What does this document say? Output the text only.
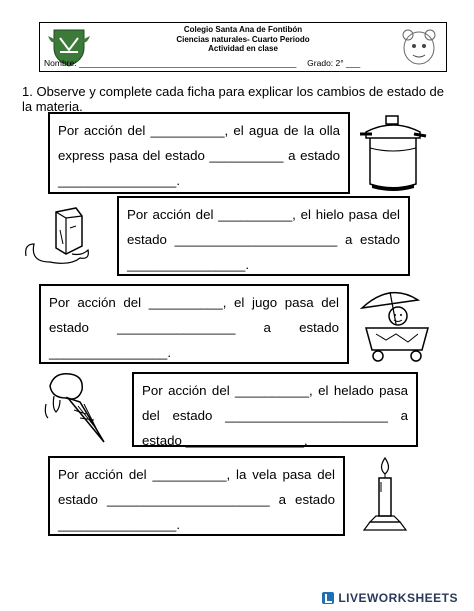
Colegio Santa Ana de Fontibón
Ciencias naturales- Cuarto Periodo
Actividad en clase
Nombre: ______________________________________________ Grado: 2° ___
1. Observe y complete cada ficha para explicar los cambios de estado de la materia.
Por acción del __________, el agua de la olla express pasa del estado __________ a estado ________________.
Por acción del __________, el hielo pasa del estado ______________________ a estado ________________.
Por acción del __________, el jugo pasa del estado ________________ a estado ________________.
Por acción del __________, el helado pasa del estado ______________________ a estado ________________.
Por acción del __________, la vela pasa del estado ______________________ a estado ________________.
LIVEWORKSHEETS
